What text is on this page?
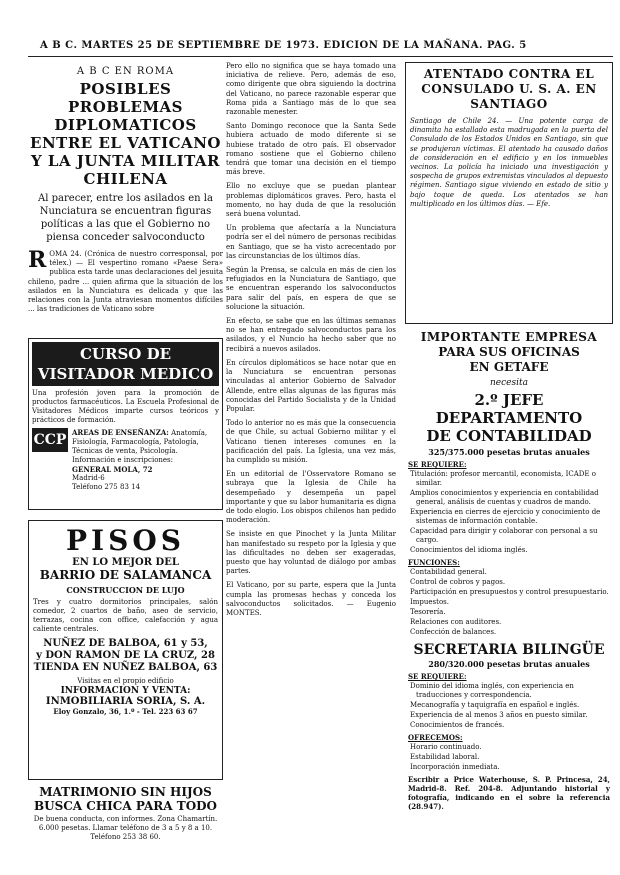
A B C. MARTES 25 DE SEPTIEMBRE DE 1973. EDICION DE LA MAÑANA. PAG. 5
A B C EN ROMA
POSIBLES PROBLEMAS DIPLOMATICOS ENTRE EL VATICANO Y LA JUNTA MILITAR CHILENA
Al parecer, entre los asilados en la Nunciatura se encuentran figuras políticas a las que el Gobierno no piensa conceder salvoconducto
R OMA 24. (Crónica de nuestro corresponsal, por télex.) — El vespertino romano «Paese Sera» publica esta tarde unas declaraciones del jesuita chileno, padre ... quien afirma que la situación de los asilados en la Nunciatura es delicada y que las relaciones con la Junta atraviesan momentos difíciles ... las tradiciones de Vaticano sobre
CURSO DE
VISITADOR MEDICO
Una profesión joven para la promoción de productos farmacéuticos. La Escuela Profesional de Visitadores Médicos imparte cursos teóricos y prácticos de formación.
CCP AREAS DE ENSEÑANZA: Anatomía, Fisiología, Farmacología, Patología, Técnicas de venta, Psicología.
Información e inscripciones:
GENERAL MOLA, 72
Madrid-6
Teléfono 275 83 14
PISOS
EN LO MEJOR DEL
BARRIO DE SALAMANCA
CONSTRUCCION DE LUJO
Tres y cuatro dormitorios principales, salón comedor, 2 cuartos de baño, aseo de servicio, terrazas, cocina con office, calefacción y agua caliente centrales.
NUÑEZ DE BALBOA, 61 y 53,
y DON RAMON DE LA CRUZ, 28
TIENDA EN NUÑEZ BALBOA, 63
Visitas en el propio edificio
INFORMACION Y VENTA:
INMOBILIARIA SORIA, S. A.
Eloy Gonzalo, 36, 1.º - Tel. 223 63 67
MATRIMONIO SIN HIJOS BUSCA CHICA PARA TODO
De buena conducta, con informes. Zona Chamartín. 6.000 pesetas. Llamar teléfono de 3 a 5 y 8 a 10. Teléfono 253 38 60.

Pero ello no significa que se haya tomado una iniciativa de relieve. Pero, además de eso, como dirigente que obra siguiendo la doctrina del Vaticano, no parece razonable esperar que Roma pida a Santiago más de lo que sea razonable menester.

Santo Domingo reconoce que la Santa Sede hubiera actuado de modo diferente si se hubiese tratado de otro país. El observador romano sostiene que el Gobierno chileno tendrá que tomar una decisión en el tiempo más breve.

Ello no excluye que se puedan plantear problemas diplomáticos graves. Pero, hasta el momento, no hay duda de que la resolución será buena voluntad.

Un problema que afectaría a la Nunciatura podría ser el del número de personas recibidas en Santiago, que se ha visto acrecentado por las circunstancias de los últimos días.

Según la Prensa, se calcula en más de cien los refugiados en la Nunciatura de Santiago, que se encuentran esperando los salvoconductos para salir del país, en espera de que se solucione la situación.

En efecto, se sabe que en las últimas semanas no se han entregado salvoconductos para los asilados, y el Nuncio ha hecho saber que no recibirá a nuevos asilados.

En círculos diplomáticos se hace notar que en la Nunciatura se encuentran personas vinculadas al anterior Gobierno de Salvador Allende, entre ellas algunas de las figuras más conocidas del Partido Socialista y de la Unidad Popular.

Todo lo anterior no es más que la consecuencia de que Chile, su actual Gobierno militar y el Vaticano tienen intereses comunes en la pacificación del país. La Iglesia, una vez más, ha cumplido su misión.

En un editorial de l'Osservatore Romano se subraya que la Iglesia de Chile ha desempeñado y desempeña un papel importante y que su labor humanitaria es digna de todo elogio. Los obispos chilenos han pedido moderación.

Se insiste en que Pinochet y la Junta Militar han manifestado su respeto por la Iglesia y que las dificultades no deben ser exageradas, puesto que hay voluntad de diálogo por ambas partes.

El Vaticano, por su parte, espera que la Junta cumpla las promesas hechas y conceda los salvoconductos solicitados. — Eugenio MONTES.

ATENTADO CONTRA EL CONSULADO U. S. A. EN SANTIAGO
Santiago de Chile 24. — Una potente carga de dinamita ha estallado esta madrugada en la puerta del Consulado de los Estados Unidos en Santiago, sin que se produjeran víctimas. El atentado ha causado daños de consideración en el edificio y en los inmuebles vecinos. La policía ha iniciado una investigación y sospecha de grupos extremistas vinculados al depuesto régimen. Santiago sigue viviendo en estado de sitio y bajo toque de queda. Los atentados se han multiplicado en los últimos días. — Efe.
IMPORTANTE EMPRESA
PARA SUS OFICINAS
EN GETAFE
necesita
2.º JEFE DEPARTAMENTO
DE CONTABILIDAD
325/375.000 pesetas brutas anuales
SE REQUIERE:
Titulación: profesor mercantil, economista, ICADE o similar.
Amplios conocimientos y experiencia en contabilidad general, análisis de cuentas y cuadros de mando.
Experiencia en cierres de ejercicio y conocimiento de sistemas de información contable.
Capacidad para dirigir y colaborar con personal a su cargo.
Conocimientos del idioma inglés.
FUNCIONES:
Contabilidad general.
Control de cobros y pagos.
Participación en presupuestos y control presupuestario.
Impuestos.
Tesorería.
Relaciones con auditores.
Confección de balances.
SECRETARIA BILINGÜE
280/320.000 pesetas brutas anuales
SE REQUIERE:
Dominio del idioma inglés, con experiencia en traducciones y correspondencia.
Mecanografía y taquigrafía en español e inglés.
Experiencia de al menos 3 años en puesto similar.
Conocimientos de francés.
OFRECEMOS:
Horario continuado.
Estabilidad laboral.
Incorporación inmediata.
Escribir a Price Waterhouse, S. P. Princesa, 24, Madrid-8. Ref. 204-8. Adjuntando historial y fotografía, indicando en el sobre la referencia (28.947).
